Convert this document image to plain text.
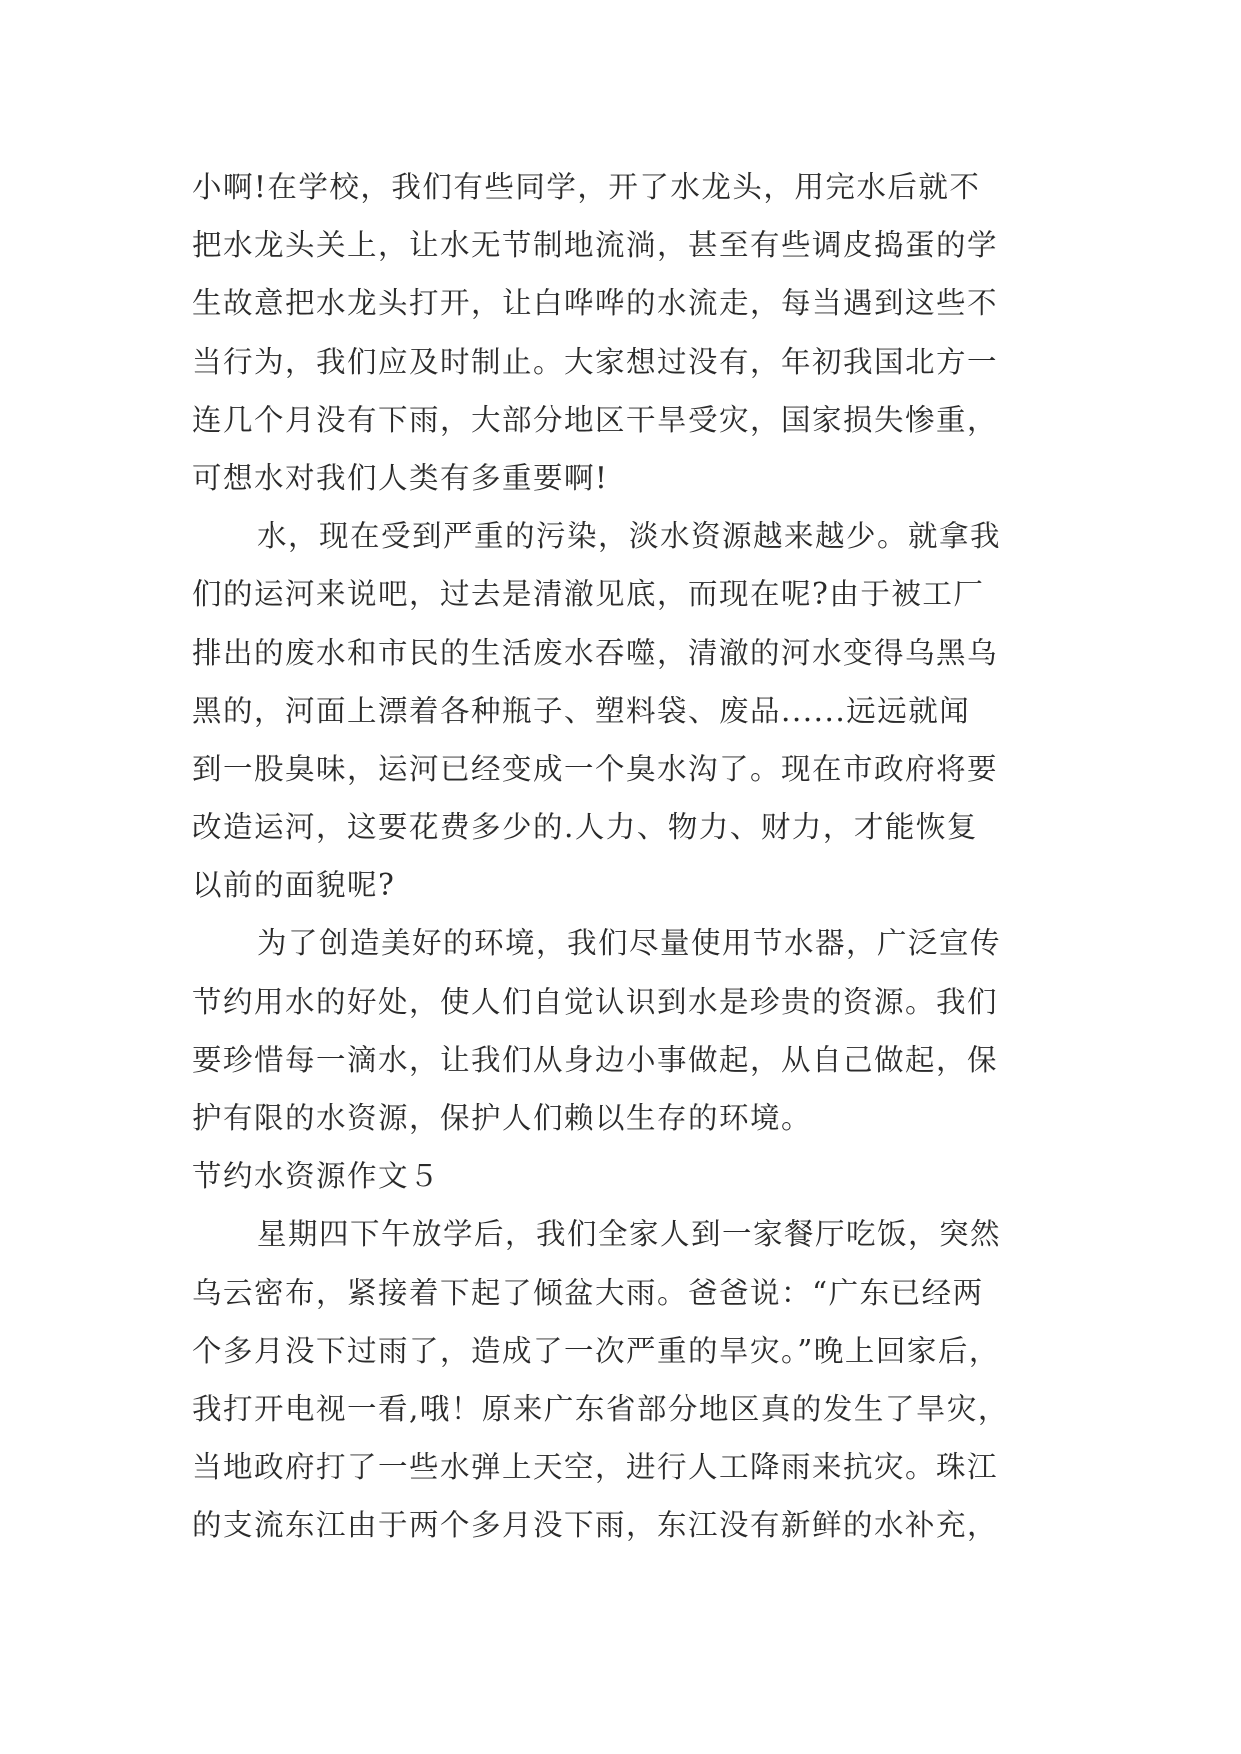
小啊!在学校，我们有些同学，开了水龙头，用完水后就不
把水龙头关上，让水无节制地流淌，甚至有些调皮捣蛋的学
生故意把水龙头打开，让白哗哗的水流走，每当遇到这些不
当行为，我们应及时制止。大家想过没有，年初我国北方一
连几个月没有下雨，大部分地区干旱受灾，国家损失惨重，
可想水对我们人类有多重要啊!
水，现在受到严重的污染，淡水资源越来越少。就拿我
们的运河来说吧，过去是清澈见底，而现在呢?由于被工厂
排出的废水和市民的生活废水吞噬，清澈的河水变得乌黑乌
黑的，河面上漂着各种瓶子、塑料袋、废品......远远就闻
到一股臭味，运河已经变成一个臭水沟了。现在市政府将要
改造运河，这要花费多少的.人力、物力、财力，才能恢复
以前的面貌呢?
为了创造美好的环境，我们尽量使用节水器，广泛宣传
节约用水的好处，使人们自觉认识到水是珍贵的资源。我们
要珍惜每一滴水，让我们从身边小事做起，从自己做起，保
护有限的水资源，保护人们赖以生存的环境。
节约水资源作文５
星期四下午放学后，我们全家人到一家餐厅吃饭，突然
乌云密布，紧接着下起了倾盆大雨。爸爸说：“广东已经两
个多月没下过雨了，造成了一次严重的旱灾。”晚上回家后，
我打开电视一看,哦！原来广东省部分地区真的发生了旱灾，
当地政府打了一些水弹上天空，进行人工降雨来抗灾。珠江
的支流东江由于两个多月没下雨，东江没有新鲜的水补充，
